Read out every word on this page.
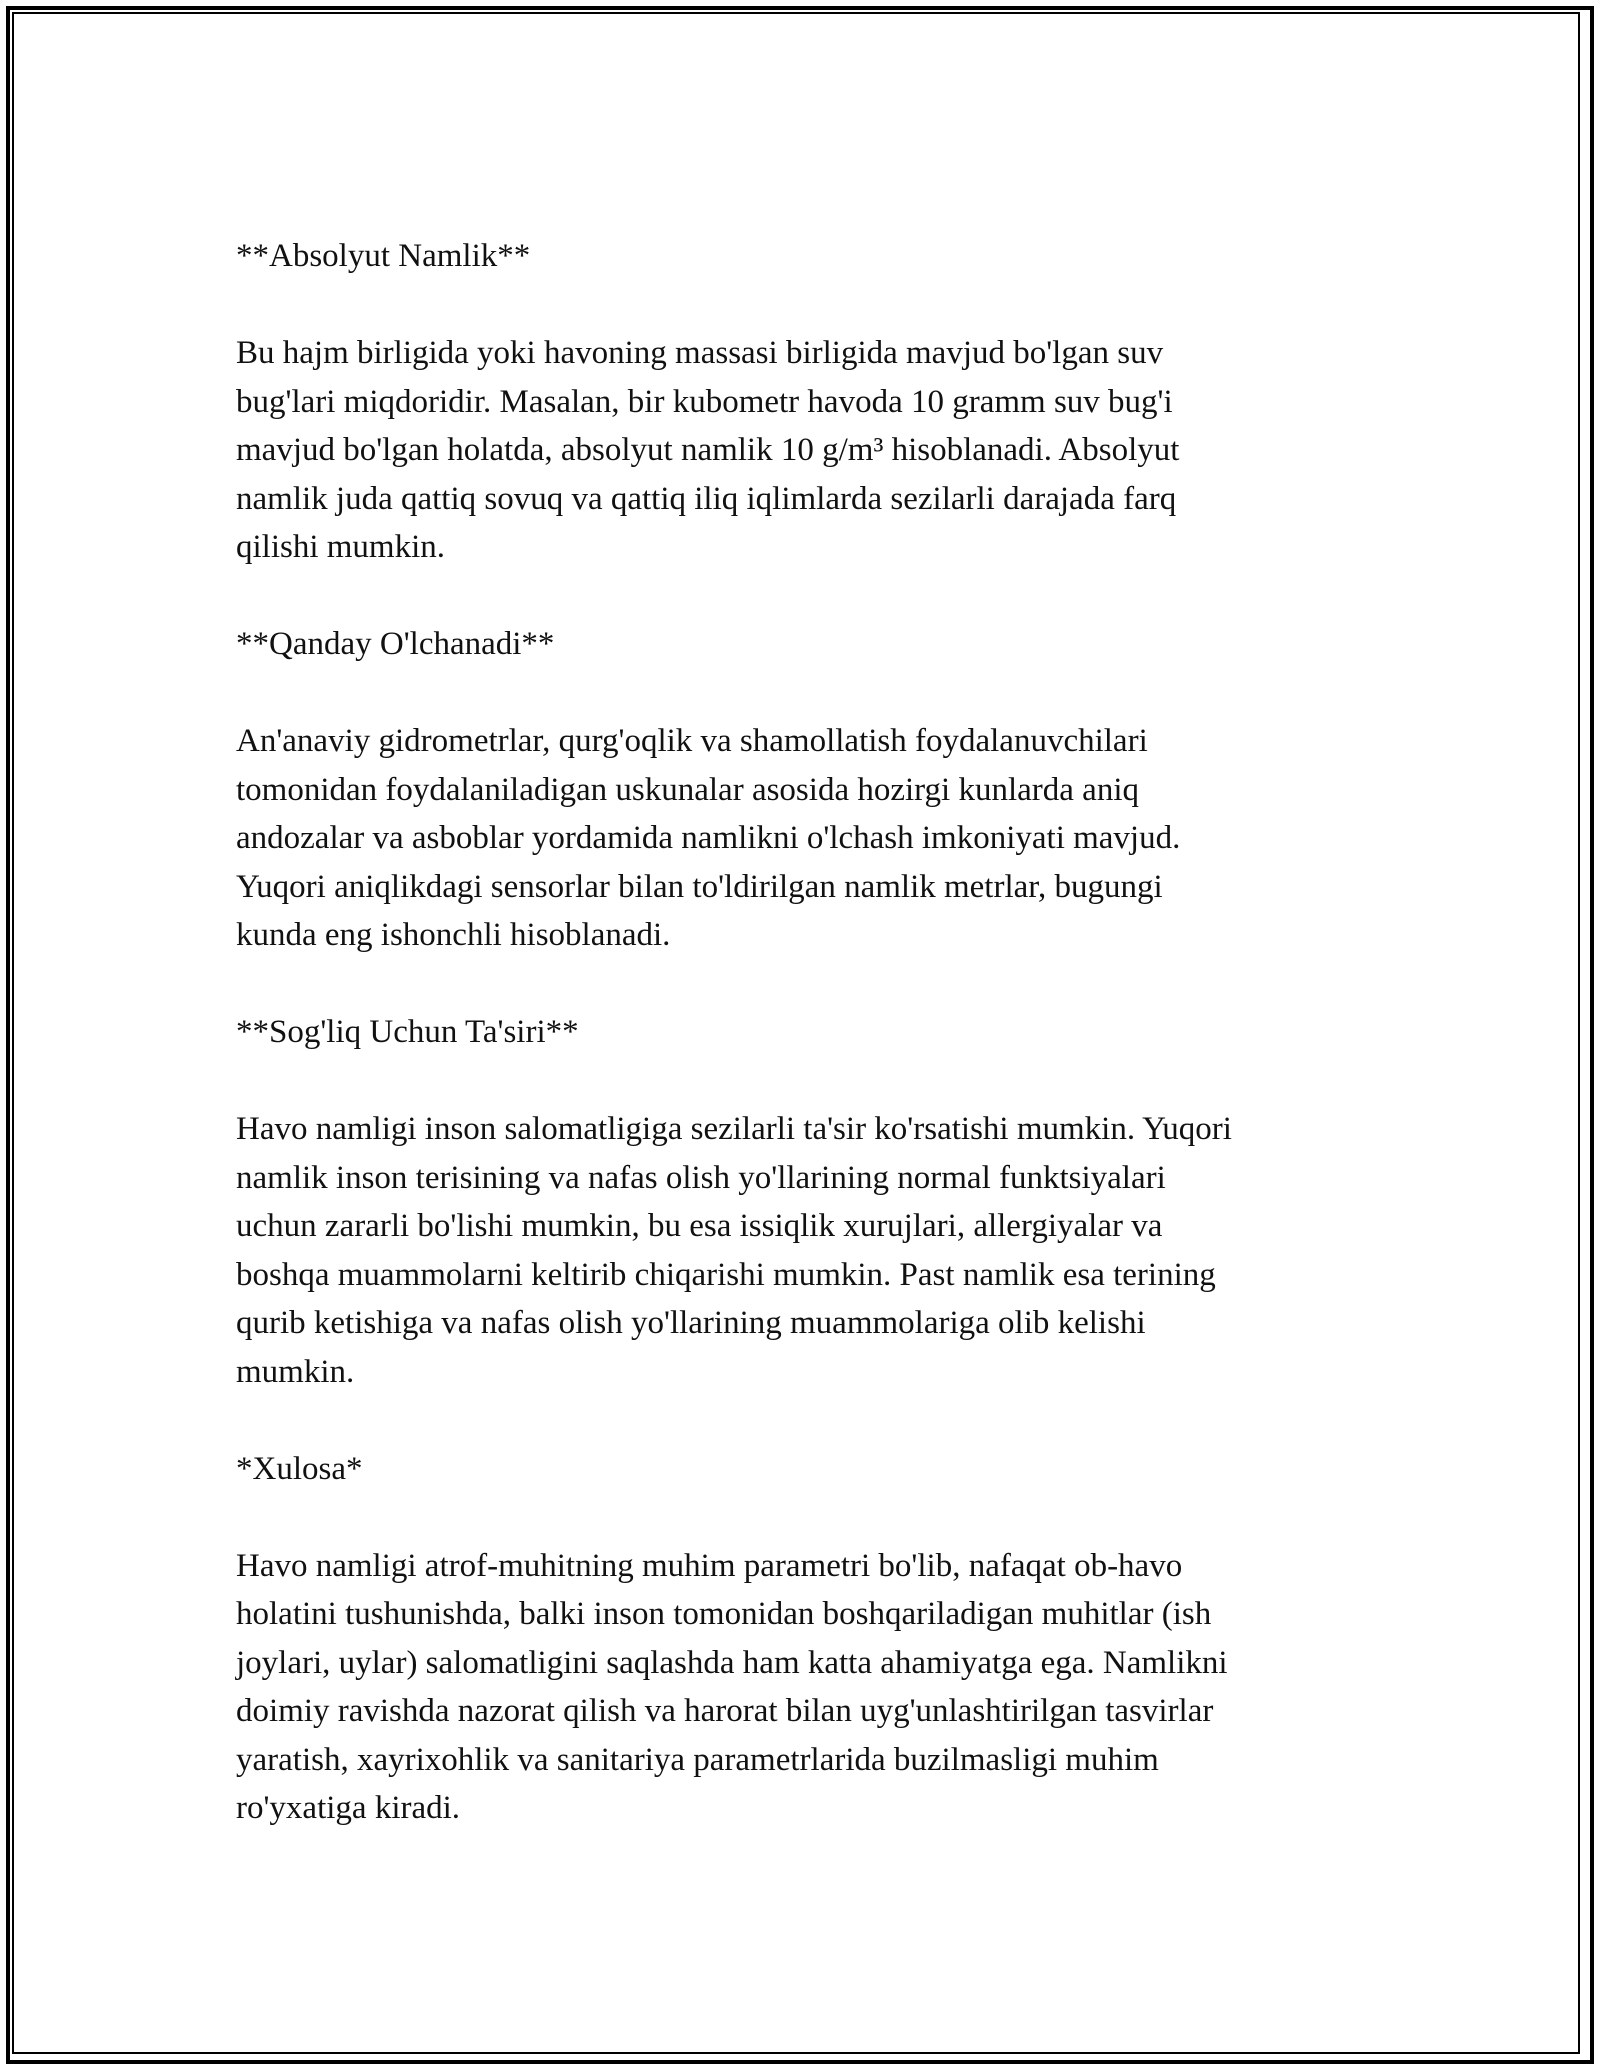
**Absolyut Namlik**

Bu hajm birligida yoki havoning massasi birligida mavjud bo'lgan suv
bug'lari miqdoridir. Masalan, bir kubometr havoda 10 gramm suv bug'i
mavjud bo'lgan holatda, absolyut namlik 10 g/m³ hisoblanadi. Absolyut
namlik juda qattiq sovuq va qattiq iliq iqlimlarda sezilarli darajada farq
qilishi mumkin.

**Qanday O'lchanadi**

An'anaviy gidrometrlar, qurg'oqlik va shamollatish foydalanuvchilari
tomonidan foydalaniladigan uskunalar asosida hozirgi kunlarda aniq
andozalar va asboblar yordamida namlikni o'lchash imkoniyati mavjud.
Yuqori aniqlikdagi sensorlar bilan to'ldirilgan namlik metrlar, bugungi
kunda eng ishonchli hisoblanadi.

**Sog'liq Uchun Ta'siri**

Havo namligi inson salomatligiga sezilarli ta'sir ko'rsatishi mumkin. Yuqori
namlik inson terisining va nafas olish yo'llarining normal funktsiyalari
uchun zararli bo'lishi mumkin, bu esa issiqlik xurujlari, allergiyalar va
boshqa muammolarni keltirib chiqarishi mumkin. Past namlik esa terining
qurib ketishiga va nafas olish yo'llarining muammolariga olib kelishi
mumkin.

*Xulosa*

Havo namligi atrof-muhitning muhim parametri bo'lib, nafaqat ob-havo
holatini tushunishda, balki inson tomonidan boshqariladigan muhitlar (ish
joylari, uylar) salomatligini saqlashda ham katta ahamiyatga ega. Namlikni
doimiy ravishda nazorat qilish va harorat bilan uyg'unlashtirilgan tasvirlar
yaratish, xayrixohlik va sanitariya parametrlarida buzilmasligi muhim
ro'yxatiga kiradi.
